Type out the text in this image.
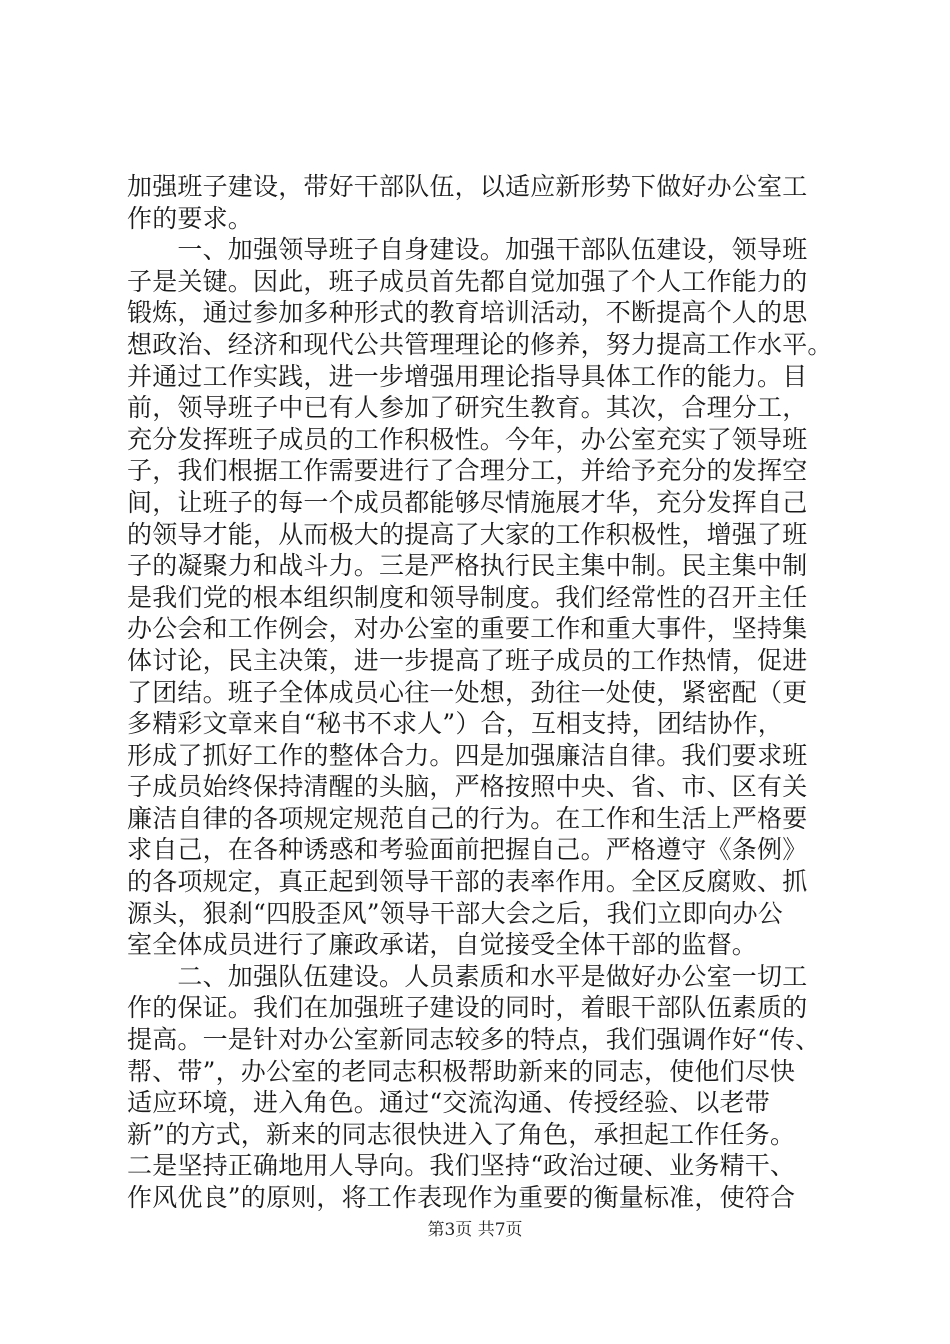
加强班子建设，带好干部队伍，以适应新形势下做好办公室工
作的要求。
　　一、加强领导班子自身建设。加强干部队伍建设，领导班
子是关键。因此，班子成员首先都自觉加强了个人工作能力的
锻炼，通过参加多种形式的教育培训活动，不断提高个人的思
想政治、经济和现代公共管理理论的修养，努力提高工作水平。
并通过工作实践，进一步增强用理论指导具体工作的能力。目
前，领导班子中已有人参加了研究生教育。其次，合理分工，
充分发挥班子成员的工作积极性。今年，办公室充实了领导班
子，我们根据工作需要进行了合理分工，并给予充分的发挥空
间，让班子的每一个成员都能够尽情施展才华，充分发挥自己
的领导才能，从而极大的提高了大家的工作积极性，增强了班
子的凝聚力和战斗力。三是严格执行民主集中制。民主集中制
是我们党的根本组织制度和领导制度。我们经常性的召开主任
办公会和工作例会，对办公室的重要工作和重大事件，坚持集
体讨论，民主决策，进一步提高了班子成员的工作热情，促进
了团结。班子全体成员心往一处想，劲往一处使，紧密配（更
多精彩文章来自“秘书不求人”）合，互相支持，团结协作，
形成了抓好工作的整体合力。四是加强廉洁自律。我们要求班
子成员始终保持清醒的头脑，严格按照中央、省、市、区有关
廉洁自律的各项规定规范自己的行为。在工作和生活上严格要
求自己，在各种诱惑和考验面前把握自己。严格遵守《条例》
的各项规定，真正起到领导干部的表率作用。全区反腐败、抓
源头，狠刹“四股歪风”领导干部大会之后，我们立即向办公
室全体成员进行了廉政承诺，自觉接受全体干部的监督。
　　二、加强队伍建设。人员素质和水平是做好办公室一切工
作的保证。我们在加强班子建设的同时，着眼干部队伍素质的
提高。一是针对办公室新同志较多的特点，我们强调作好“传、
帮、带”，办公室的老同志积极帮助新来的同志，使他们尽快
适应环境，进入角色。通过“交流沟通、传授经验、以老带
新”的方式，新来的同志很快进入了角色，承担起工作任务。
二是坚持正确地用人导向。我们坚持“政治过硬、业务精干、
作风优良”的原则，将工作表现作为重要的衡量标准，使符合
第3页 共7页
